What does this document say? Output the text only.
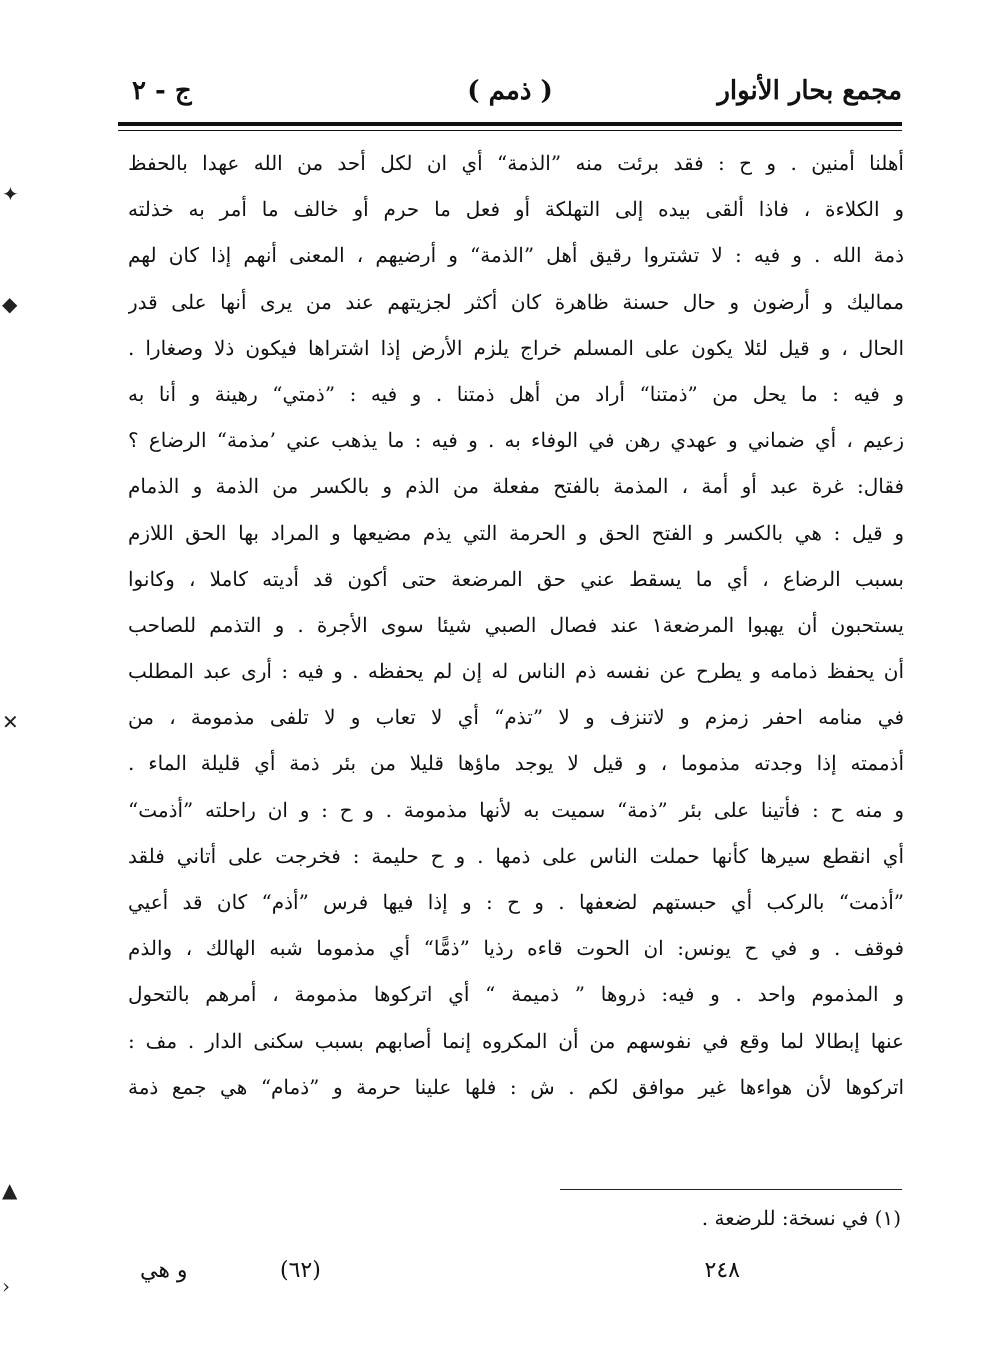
مجمع بحار الأنوار
( ذمم )
ج - ٢
أهلنا أمنين . و ح : فقد برئت منه ”الذمة“ أي ان لكل أحد من الله عهدا بالحفظ
و الكلاءة ، فاذا ألقى بيده إلى التهلكة أو فعل ما حرم أو خالف ما أمر به خذلته
ذمة الله . و فيه : لا تشتروا رقيق أهل ”الذمة“ و أرضيهم ، المعنى أنهم إذا كان لهم
مماليك و أرضون و حال حسنة ظاهرة كان أكثر لجزيتهم عند من يرى أنها على قدر
الحال ، و قيل لئلا يكون على المسلم خراج يلزم الأرض إذا اشتراها فيكون ذلا وصغارا .
و فيه : ما يحل من ”ذمتنا“ أراد من أهل ذمتنا . و فيه : ”ذمتي“ رهينة و أنا به
زعيم ، أي ضماني و عهدي رهن في الوفاء به . و فيه : ما يذهب عني ’مذمة“ الرضاع ؟
فقال: غرة عبد أو أمة ، المذمة بالفتح مفعلة من الذم و بالكسر من الذمة و الذمام
و قيل : هي بالكسر و الفتح الحق و الحرمة التي يذم مضيعها و المراد بها الحق اللازم
بسبب الرضاع ، أي ما يسقط عني حق المرضعة حتى أكون قد أديته كاملا ، وكانوا
يستحبون أن يهبوا المرضعة١ عند فصال الصبي شيئا سوى الأجرة . و التذمم للصاحب
أن يحفظ ذمامه و يطرح عن نفسه ذم الناس له إن لم يحفظه . و فيه : أرى عبد المطلب
في منامه احفر زمزم و لاتنزف و لا ”تذم“ أي لا تعاب و لا تلفى مذمومة ، من
أذممته إذا وجدته مذموما ، و قيل لا يوجد ماؤها قليلا من بئر ذمة أي قليلة الماء .
و منه ح : فأتينا على بئر ”ذمة“ سميت به لأنها مذمومة . و ح : و ان راحلته ”أذمت“
أي انقطع سيرها كأنها حملت الناس على ذمها . و ح حليمة : فخرجت على أتاني فلقد
”أذمت“ بالركب أي حبستهم لضعفها . و ح : و إذا فيها فرس ”أذم“ كان قد أعيي
فوقف . و في ح يونس: ان الحوت قاءه رذيا ”ذمًّا“ أي مذموما شبه الهالك ، والذم
و المذموم واحد . و فيه: ذروها ” ذميمة “ أي اتركوها مذمومة ، أمرهم بالتحول
عنها إبطالا لما وقع في نفوسهم من أن المكروه إنما أصابهم بسبب سكنى الدار . مف :
اتركوها لأن هواءها غير موافق لكم . ش : فلها علينا حرمة و ”ذمام“ هي جمع ذمة
(١) في نسخة: للرضعة .
٢٤٨
(٦٢)
و هي
✦
◆
✕
▲
›
